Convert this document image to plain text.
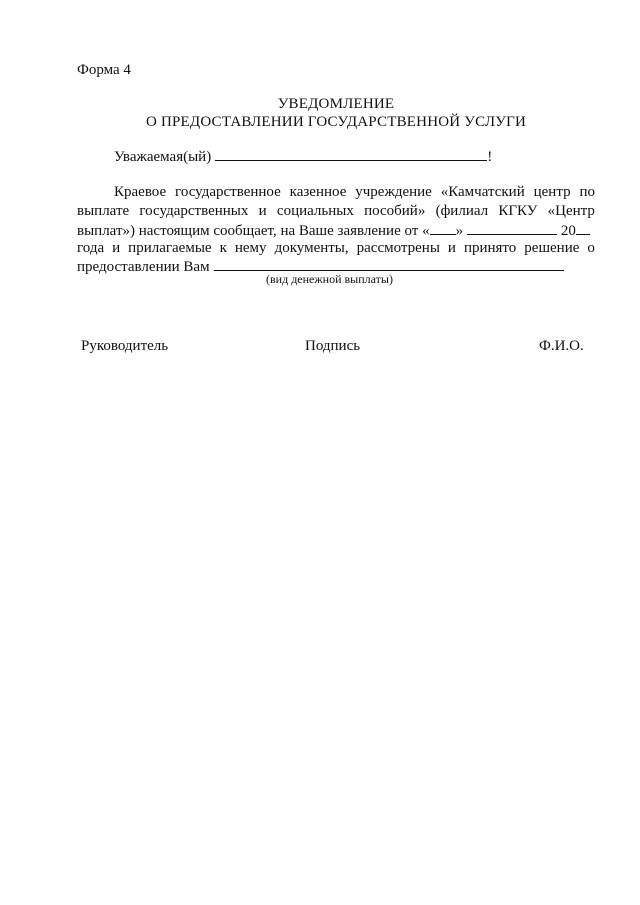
Форма 4
УВЕДОМЛЕНИЕ
О ПРЕДОСТАВЛЕНИИ ГОСУДАРСТВЕННОЙ УСЛУГИ
Уважаемая(ый)	!
Краевое государственное казенное учреждение «Камчатский центр по
выплате государственных и социальных пособий» (филиал КГКУ «Центр
выплат») настоящим сообщает, на Ваше заявление от « »	20
года и прилагаемые к нему документы, рассмотрены и принято решение о
предоставлении Вам
(вид денежной выплаты)
Руководитель	Подпись	Ф.И.О.
